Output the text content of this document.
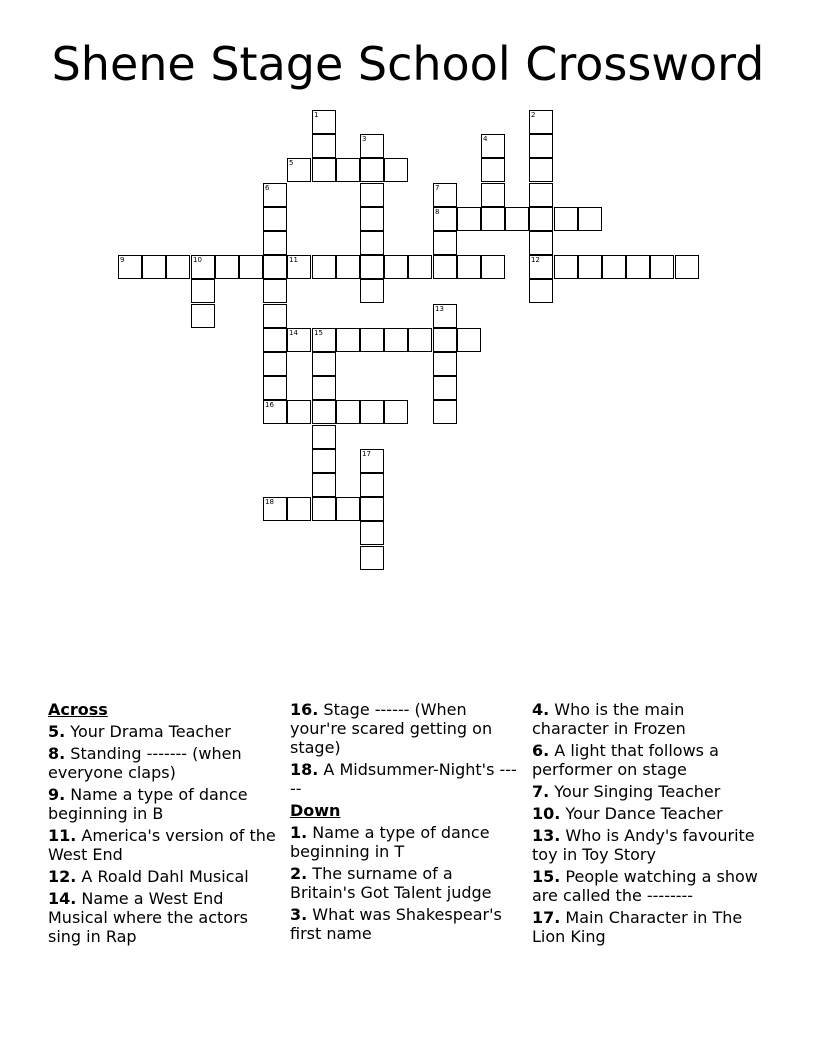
Shene Stage School Crossword
1	2
3	4
5
6	7
8
9	10	11	12
13
14 15
16
17
18
Across
5. Your Drama Teacher
8. Standing ------- (when everyone claps)
9. Name a type of dance beginning in B
11. America's version of the West End
12. A Roald Dahl Musical
14. Name a West End Musical where the actors sing in Rap
16. Stage ------ (When your're scared getting on stage)
18. A Midsummer-Night's -----
Down
1. Name a type of dance beginning in T
2. The surname of a Britain's Got Talent judge
3. What was Shakespear's first name
4. Who is the main character in Frozen
6. A light that follows a performer on stage
7. Your Singing Teacher
10. Your Dance Teacher
13. Who is Andy's favourite toy in Toy Story
15. People watching a show are called the --------
17. Main Character in The Lion King
